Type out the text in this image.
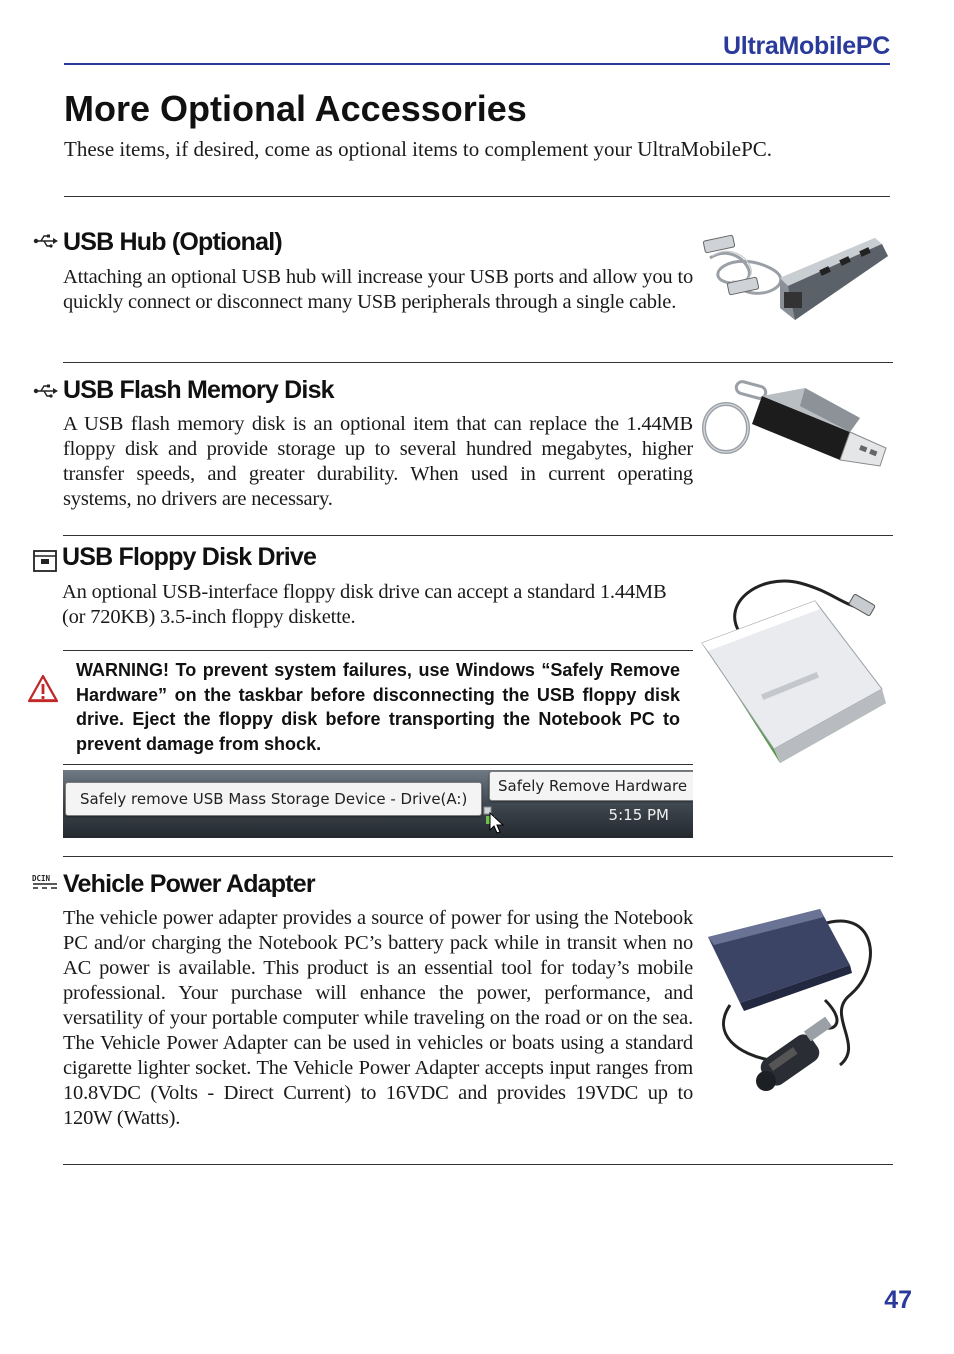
UltraMobilePC
More Optional Accessories
These items, if desired, come as optional items to complement your UltraMobilePC.
USB Hub (Optional)

Attaching an optional USB hub will increase your USB ports and allow you to quickly connect or disconnect many USB peripherals through a single cable.

USB Flash Memory Disk

A USB flash memory disk is an optional item that can replace the 1.44MB floppy disk and provide storage up to several hundred megabytes, higher transfer speeds, and greater durability. When used in current operating systems, no drivers are necessary.

USB Floppy Disk Drive

An optional USB-interface floppy disk drive can accept a standard 1.44MB (or 720KB) 3.5-inch floppy diskette.

WARNING! To prevent system failures, use Windows “Safely Remove Hardware” on the taskbar before disconnecting the USB floppy disk drive. Eject the floppy disk before transporting the Notebook PC to prevent damage from shock.

Safely remove USB Mass Storage Device - Drive(A:)
Safely Remove Hardware
5:15 PM
DCIN Vehicle Power Adapter

The vehicle power adapter provides a source of power for using the Notebook PC and/or charging the Notebook PC’s battery pack while in transit when no AC power is available. This product is an essential tool for today’s mobile professional. Your purchase will enhance the power, performance, and versatility of your portable computer while traveling on the road or on the sea. The Vehicle Power Adapter can be used in vehicles or boats using a standard cigarette lighter socket. The Vehicle Power Adapter accepts input ranges from 10.8VDC (Volts - Direct Current) to 16VDC and provides 19VDC up to 120W (Watts).

47
